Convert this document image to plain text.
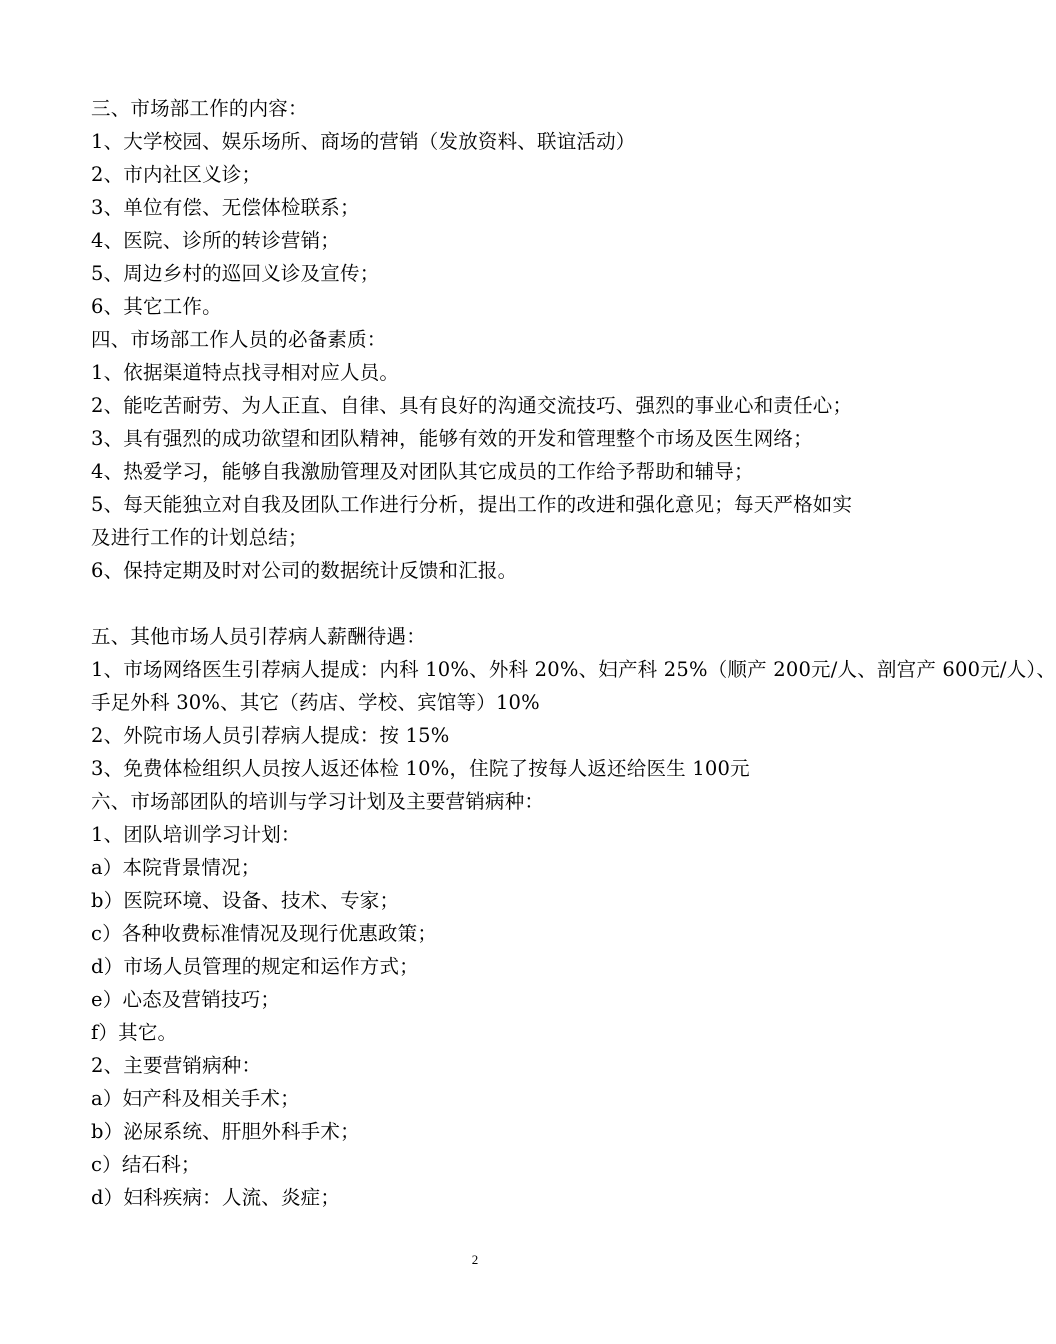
三、市场部工作的内容：
1、大学校园、娱乐场所、商场的营销（发放资料、联谊活动）
2、市内社区义诊；
3、单位有偿、无偿体检联系；
4、医院、诊所的转诊营销；
5、周边乡村的巡回义诊及宣传；
6、其它工作。
四、市场部工作人员的必备素质：
1、依据渠道特点找寻相对应人员。
2、能吃苦耐劳、为人正直、自律、具有良好的沟通交流技巧、强烈的事业心和责任心；
3、具有强烈的成功欲望和团队精神，能够有效的开发和管理整个市场及医生网络；
4、热爱学习，能够自我激励管理及对团队其它成员的工作给予帮助和辅导；
5、每天能独立对自我及团队工作进行分析，提出工作的改进和强化意见；每天严格如实
及进行工作的计划总结；
6、保持定期及时对公司的数据统计反馈和汇报。
五、其他市场人员引荐病人薪酬待遇：
1、市场网络医生引荐病人提成：内科 10%、外科 20%、妇产科 25%（顺产 200元/人、剖宫产 600元/人）、
手足外科 30%、其它（药店、学校、宾馆等）10%
2、外院市场人员引荐病人提成：按 15%
3、免费体检组织人员按人返还体检 10%，住院了按每人返还给医生 100元
六、市场部团队的培训与学习计划及主要营销病种：
1、团队培训学习计划：
a）本院背景情况；
b）医院环境、设备、技术、专家；
c）各种收费标准情况及现行优惠政策；
d）市场人员管理的规定和运作方式；
e）心态及营销技巧；
f）其它。
2、主要营销病种：
a）妇产科及相关手术；
b）泌尿系统、肝胆外科手术；
c）结石科；
d）妇科疾病：人流、炎症；
2
